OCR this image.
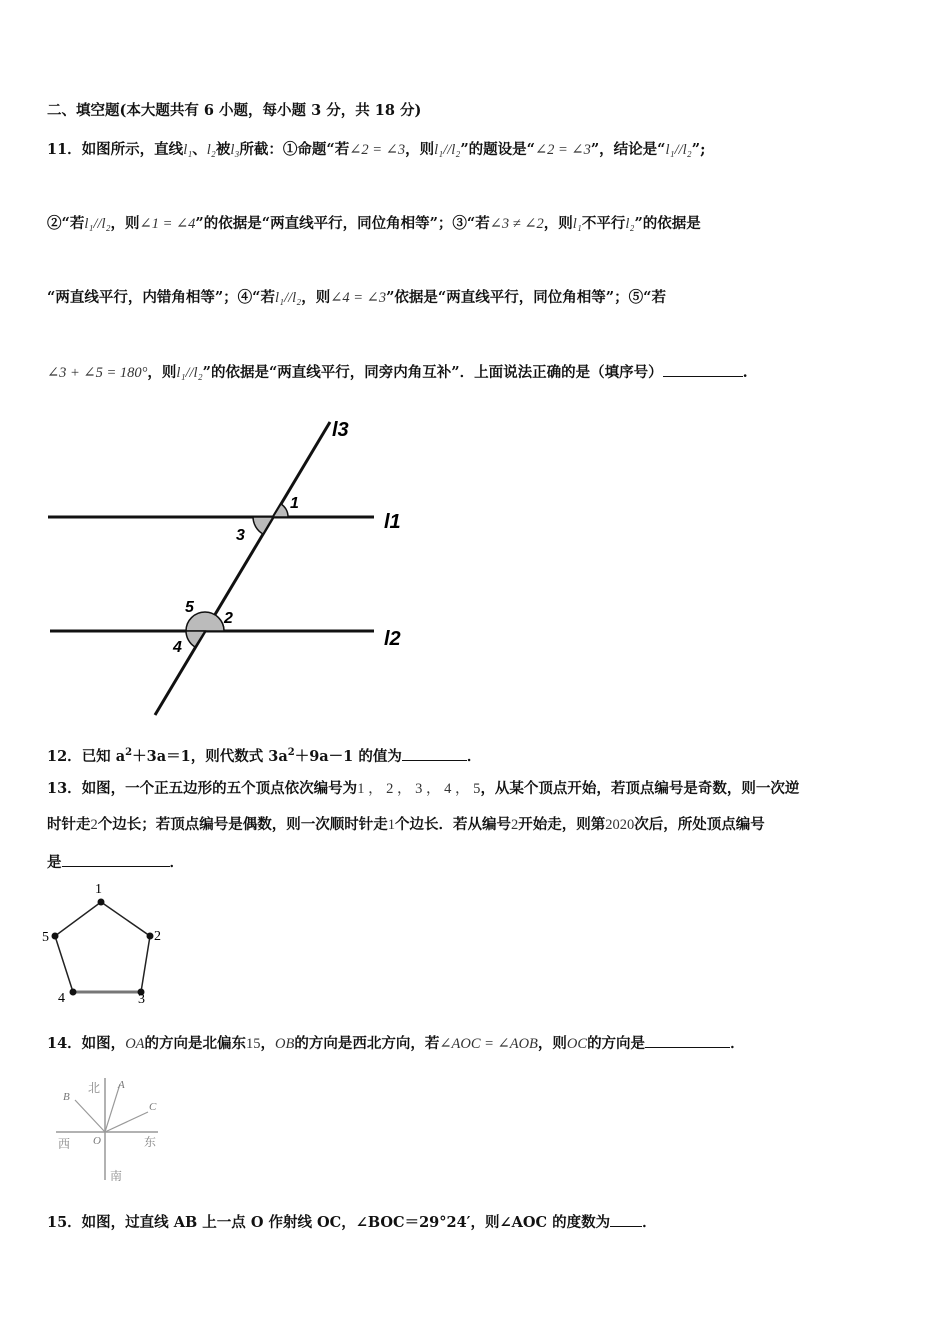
二、填空题(本大题共有 6 小题，每小题 3 分，共 18 分)
11．如图所示，直线l₁、l₂被l₃所截：①命题“若∠2 = ∠3，则l₁//l₂”的题设是“∠2 = ∠3”，结论是“l₁//l₂”;
②“若l₁//l₂，则∠1 = ∠4”的依据是“两直线平行，同位角相等”；③“若∠3 ≠ ∠2，则l₁不平行l₂”的依据是
“两直线平行，内错角相等”；④“若l₁//l₂，则∠4 = ∠3”依据是“两直线平行，同位角相等”；⑤“若
∠3 + ∠5 = 180°，则l₁//l₂”的依据是“两直线平行，同旁内角互补”．上面说法正确的是（填序号）	.
l3
l1
l2
1
3
5
2
4
12．已知 $a^2+3a=1$，则代数式 $3a^2+9a-1$ 的值为	．
13．如图，一个正五边形的五个顶点依次编号为1 ， 2 ， 3 ， 4 ， 5，从某个顶点开始，若顶点编号是奇数，则一次逆
时针走2个边长；若顶点编号是偶数，则一次顺时针走1个边长．若从编号2开始走，则第2020次后，所处顶点编号
是	．
1
2
3
4
5
14．如图，OA的方向是北偏东15，OB的方向是西北方向，若∠AOC = ∠AOB，则OC的方向是	．
北
南
西	东
A
B
C
O
15．如图，过直线 AB 上一点 O 作射线 OC，∠BOC＝29°24′，则∠AOC 的度数为 ．
